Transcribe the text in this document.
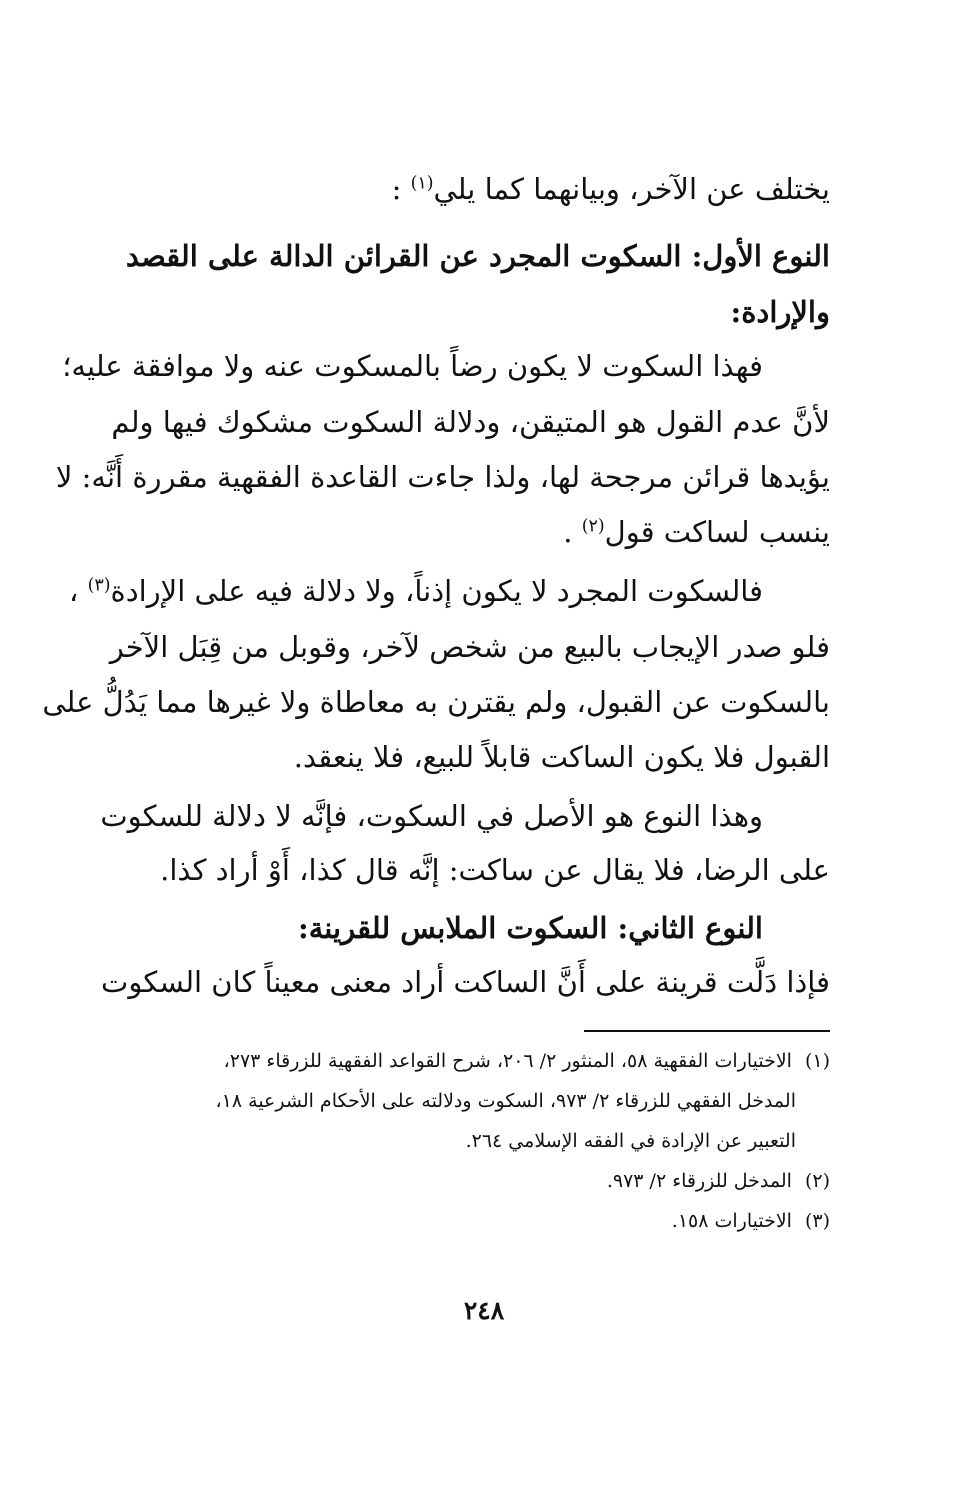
يختلف عن الآخر، وبيانهما كما يلي$^{(١)}$ :
النوع الأول: السكوت المجرد عن القرائن الدالة على القصد
والإرادة:
فهذا السكوت لا يكون رضاً بالمسكوت عنه ولا موافقة عليه؛
لأنَّ عدم القول هو المتيقن، ودلالة السكوت مشكوك فيها ولم
يؤيدها قرائن مرجحة لها، ولذا جاءت القاعدة الفقهية مقررة أَنَّه: لا
ينسب لساكت قول$^{(٢)}$ .
فالسكوت المجرد لا يكون إذناً، ولا دلالة فيه على الإرادة$^{(٣)}$ ،
فلو صدر الإيجاب بالبيع من شخص لآخر، وقوبل من قِبَل الآخر
بالسكوت عن القبول، ولم يقترن به معاطاة ولا غيرها مما يَدُلُّ على
القبول فلا يكون الساكت قابلاً للبيع، فلا ينعقد.
وهذا النوع هو الأصل في السكوت، فإنَّه لا دلالة للسكوت
على الرضا، فلا يقال عن ساكت: إنَّه قال كذا، أَوْ أراد كذا.
النوع الثاني: السكوت الملابس للقرينة:
فإذا دَلَّت قرينة على أَنَّ الساكت أراد معنى معيناً كان السكوت
(١) الاختيارات الفقهية ٥٨، المنثور ٢/ ٢٠٦، شرح القواعد الفقهية للزرقاء ٢٧٣،
المدخل الفقهي للزرقاء ٢/ ٩٧٣، السكوت ودلالته على الأحكام الشرعية ١٨،
التعبير عن الإرادة في الفقه الإسلامي ٢٦٤.
(٢) المدخل للزرقاء ٢/ ٩٧٣.
(٣) الاختيارات ١٥٨.
٢٤٨
